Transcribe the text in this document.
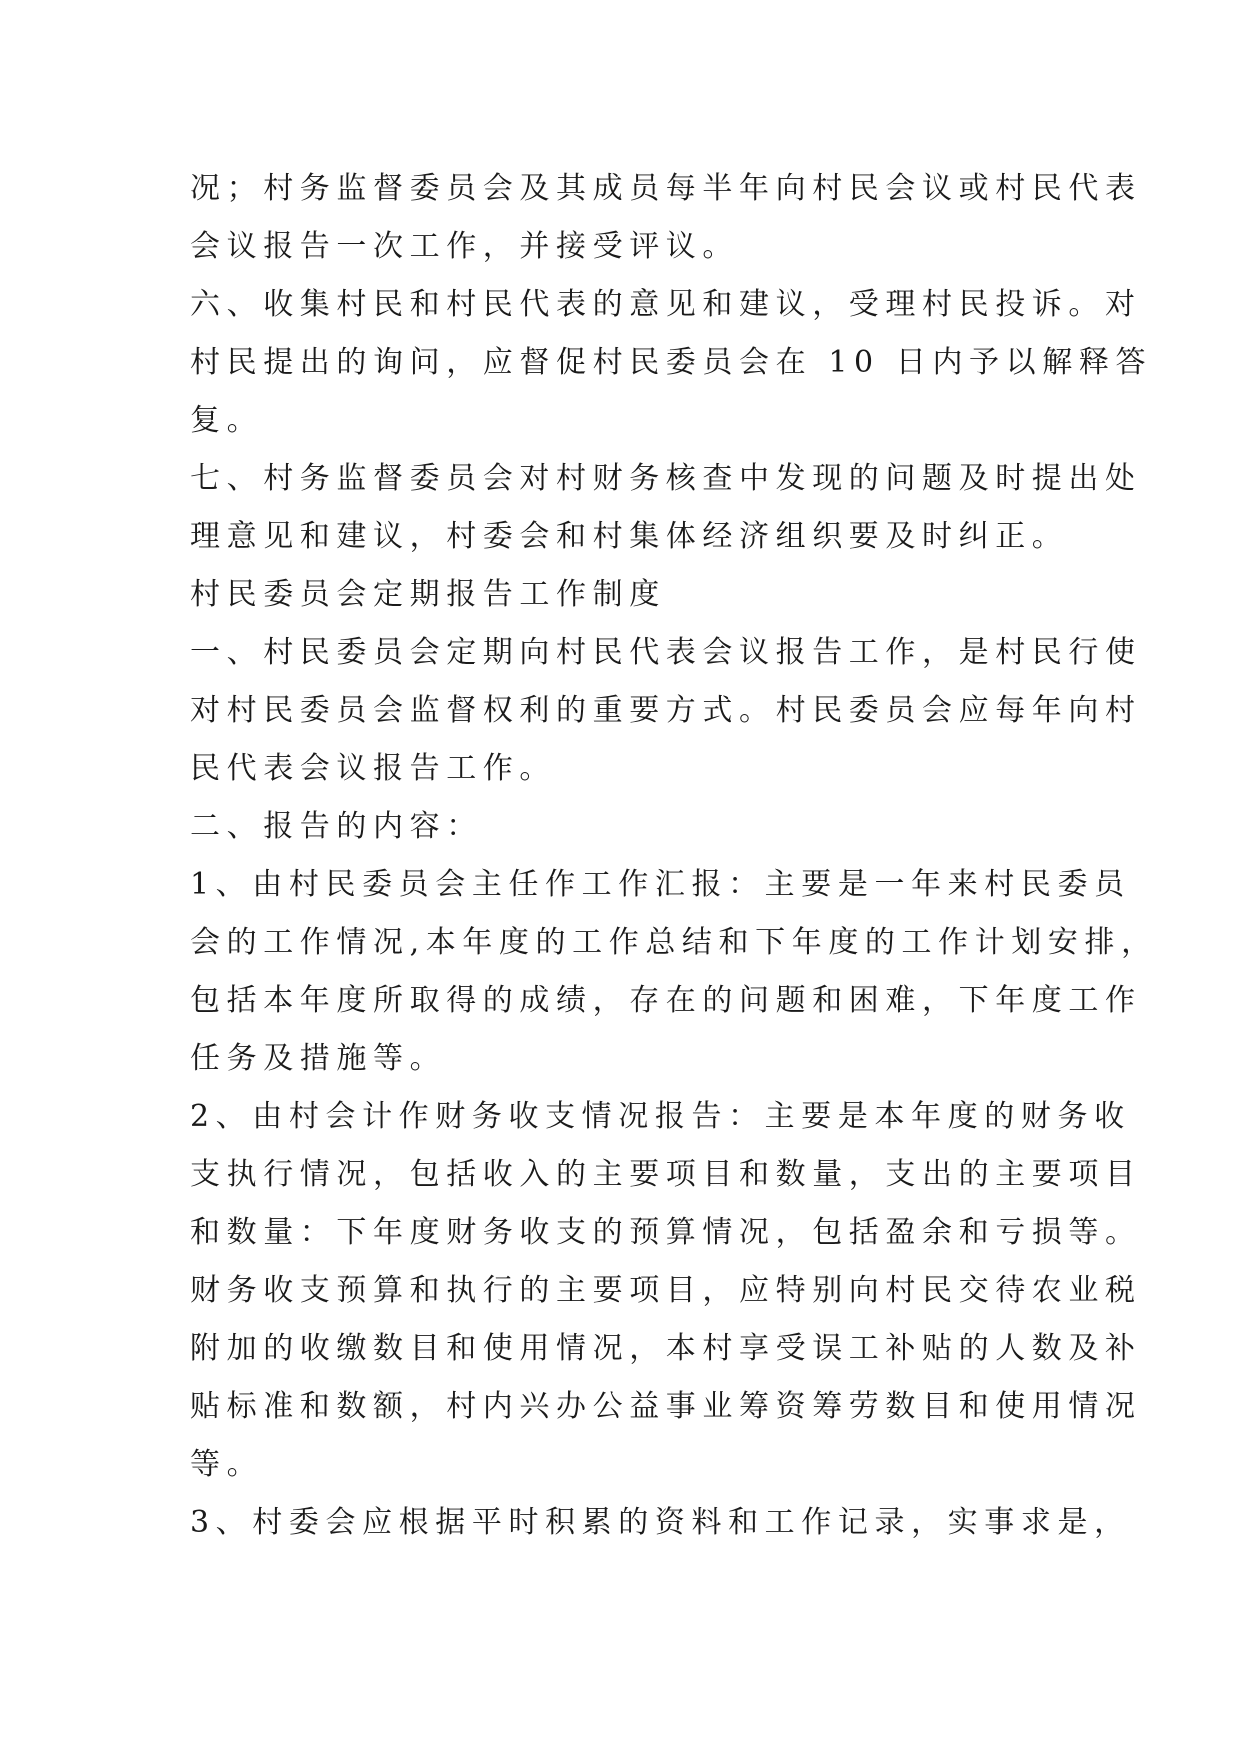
况；村务监督委员会及其成员每半年向村民会议或村民代表
会议报告一次工作，并接受评议。
六、收集村民和村民代表的意见和建议，受理村民投诉。对
村民提出的询问，应督促村民委员会在 10 日内予以解释答
复。
七、村务监督委员会对村财务核查中发现的问题及时提出处
理意见和建议，村委会和村集体经济组织要及时纠正。
村民委员会定期报告工作制度
一、村民委员会定期向村民代表会议报告工作，是村民行使
对村民委员会监督权利的重要方式。村民委员会应每年向村
民代表会议报告工作。
二、报告的内容：
1、由村民委员会主任作工作汇报：主要是一年来村民委员
会的工作情况,本年度的工作总结和下年度的工作计划安排，
包括本年度所取得的成绩，存在的问题和困难，下年度工作
任务及措施等。
2、由村会计作财务收支情况报告：主要是本年度的财务收
支执行情况，包括收入的主要项目和数量，支出的主要项目
和数量：下年度财务收支的预算情况，包括盈余和亏损等。
财务收支预算和执行的主要项目，应特别向村民交待农业税
附加的收缴数目和使用情况，本村享受误工补贴的人数及补
贴标准和数额，村内兴办公益事业筹资筹劳数目和使用情况
等。
3、村委会应根据平时积累的资料和工作记录，实事求是，
